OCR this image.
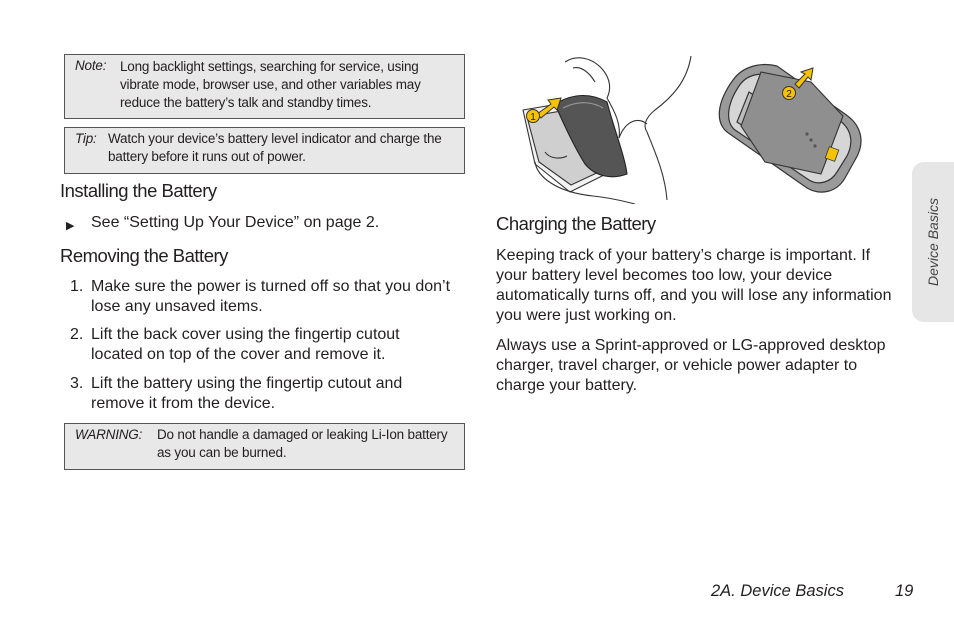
Note: Long backlight settings, searching for service, using vibrate mode, browser use, and other variables may reduce the battery’s talk and standby times.
Tip: Watch your device’s battery level indicator and charge the battery before it runs out of power.
Installing the Battery
▶ See “Setting Up Your Device” on page 2.
Removing the Battery
1. Make sure the power is turned off so that you don’t lose any unsaved items.
2. Lift the back cover using the fingertip cutout located on top of the cover and remove it.
3. Lift the battery using the fingertip cutout and remove it from the device.
WARNING: Do not handle a damaged or leaking Li-Ion battery as you can be burned.
1
2
Charging the Battery
Keeping track of your battery’s charge is important. If your battery level becomes too low, your device automatically turns off, and you will lose any information you were just working on.
Always use a Sprint-approved or LG-approved desktop charger, travel charger, or vehicle power adapter to charge your battery.
Device Basics
2A. Device Basics	19
